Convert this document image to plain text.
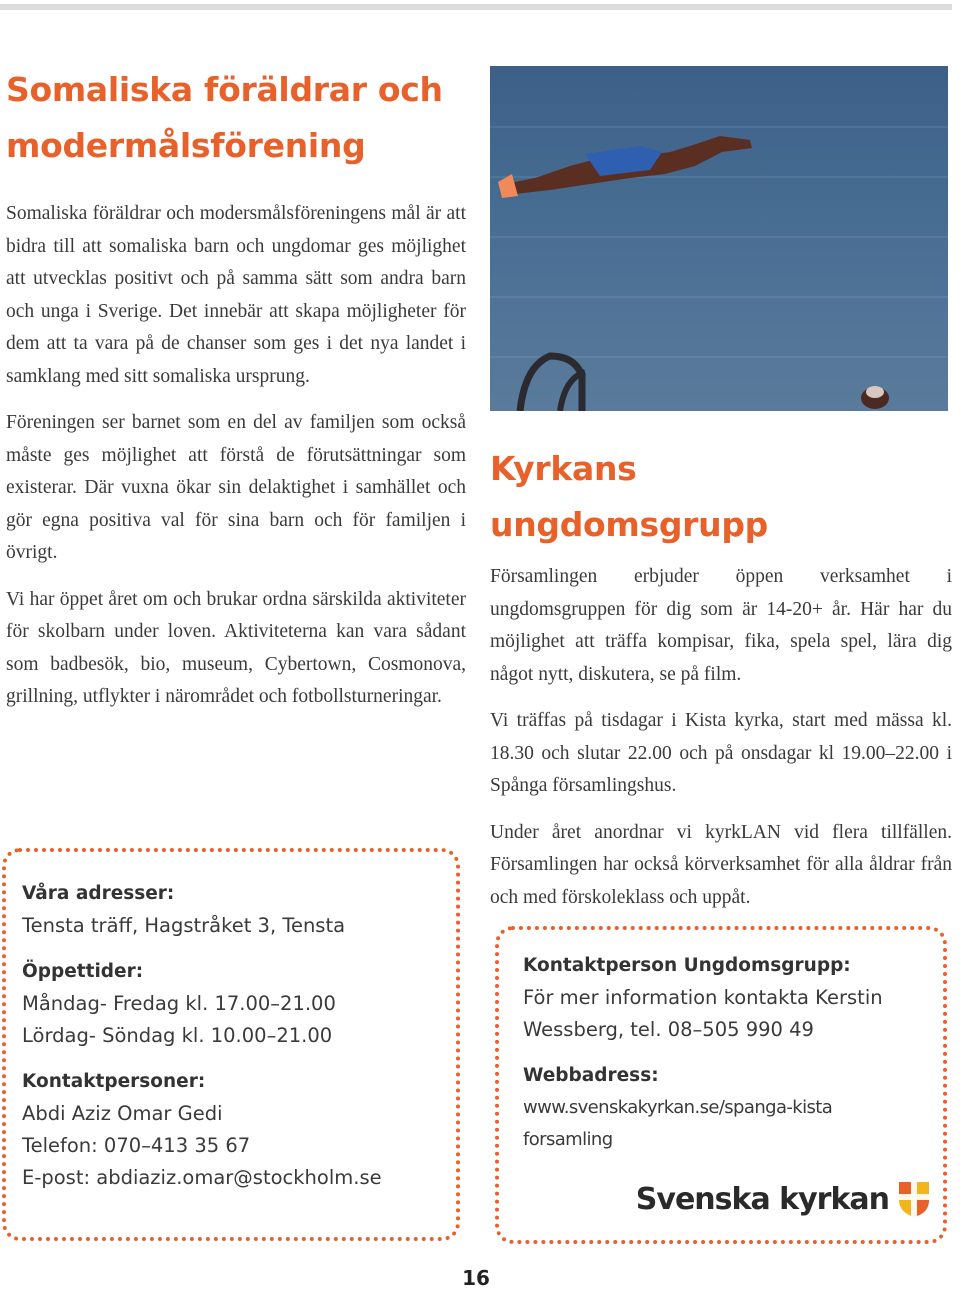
Somaliska föräldrar och
modermålsförening

Somaliska föräldrar och modersmålsföreningens mål är att bidra till att somaliska barn och ungdomar ges möjlighet att utvecklas positivt och på samma sätt som andra barn och unga i Sverige. Det innebär att skapa möjligheter för dem att ta vara på de chanser som ges i det nya landet i samklang med sitt somaliska ursprung.

Föreningen ser barnet som en del av familjen som också måste ges möjlighet att förstå de förutsättningar som existerar. Där vuxna ökar sin delaktighet i samhället och gör egna positiva val för sina barn och för familjen i övrigt.

Vi har öppet året om och brukar ordna särskilda aktiviteter för skolbarn under loven. Aktiviteterna kan vara sådant som badbesök, bio, museum, Cybertown, Cosmonova, grillning, utflykter i närområdet och fotbollsturneringar.

Våra adresser:
Tensta träff, Hagstråket 3, Tensta
Öppettider:
Måndag- Fredag kl. 17.00–21.00
Lördag- Söndag kl. 10.00–21.00
Kontaktpersoner:
Abdi Aziz Omar Gedi
Telefon: 070–413 35 67
E-post: abdiaziz.omar@stockholm.se
Kyrkans
ungdomsgrupp

Församlingen erbjuder öppen verksamhet i ungdomsgruppen för dig som är 14-20+ år. Här har du möjlighet att träffa kompisar, fika, spela spel, lära dig något nytt, diskutera, se på film.

Vi träffas på tisdagar i Kista kyrka, start med mässa kl. 18.30 och slutar 22.00 och på onsdagar kl 19.00–22.00 i Spånga församlingshus.

Under året anordnar vi kyrkLAN vid flera tillfällen. Församlingen har också körverksamhet för alla åldrar från och med förskoleklass och uppåt.

Kontaktperson Ungdomsgrupp:
För mer information kontakta Kerstin
Wessberg, tel. 08–505 990 49
Webbadress:
www.svenskakyrkan.se/spanga-kista
forsamling
Svenska kyrkan
16
